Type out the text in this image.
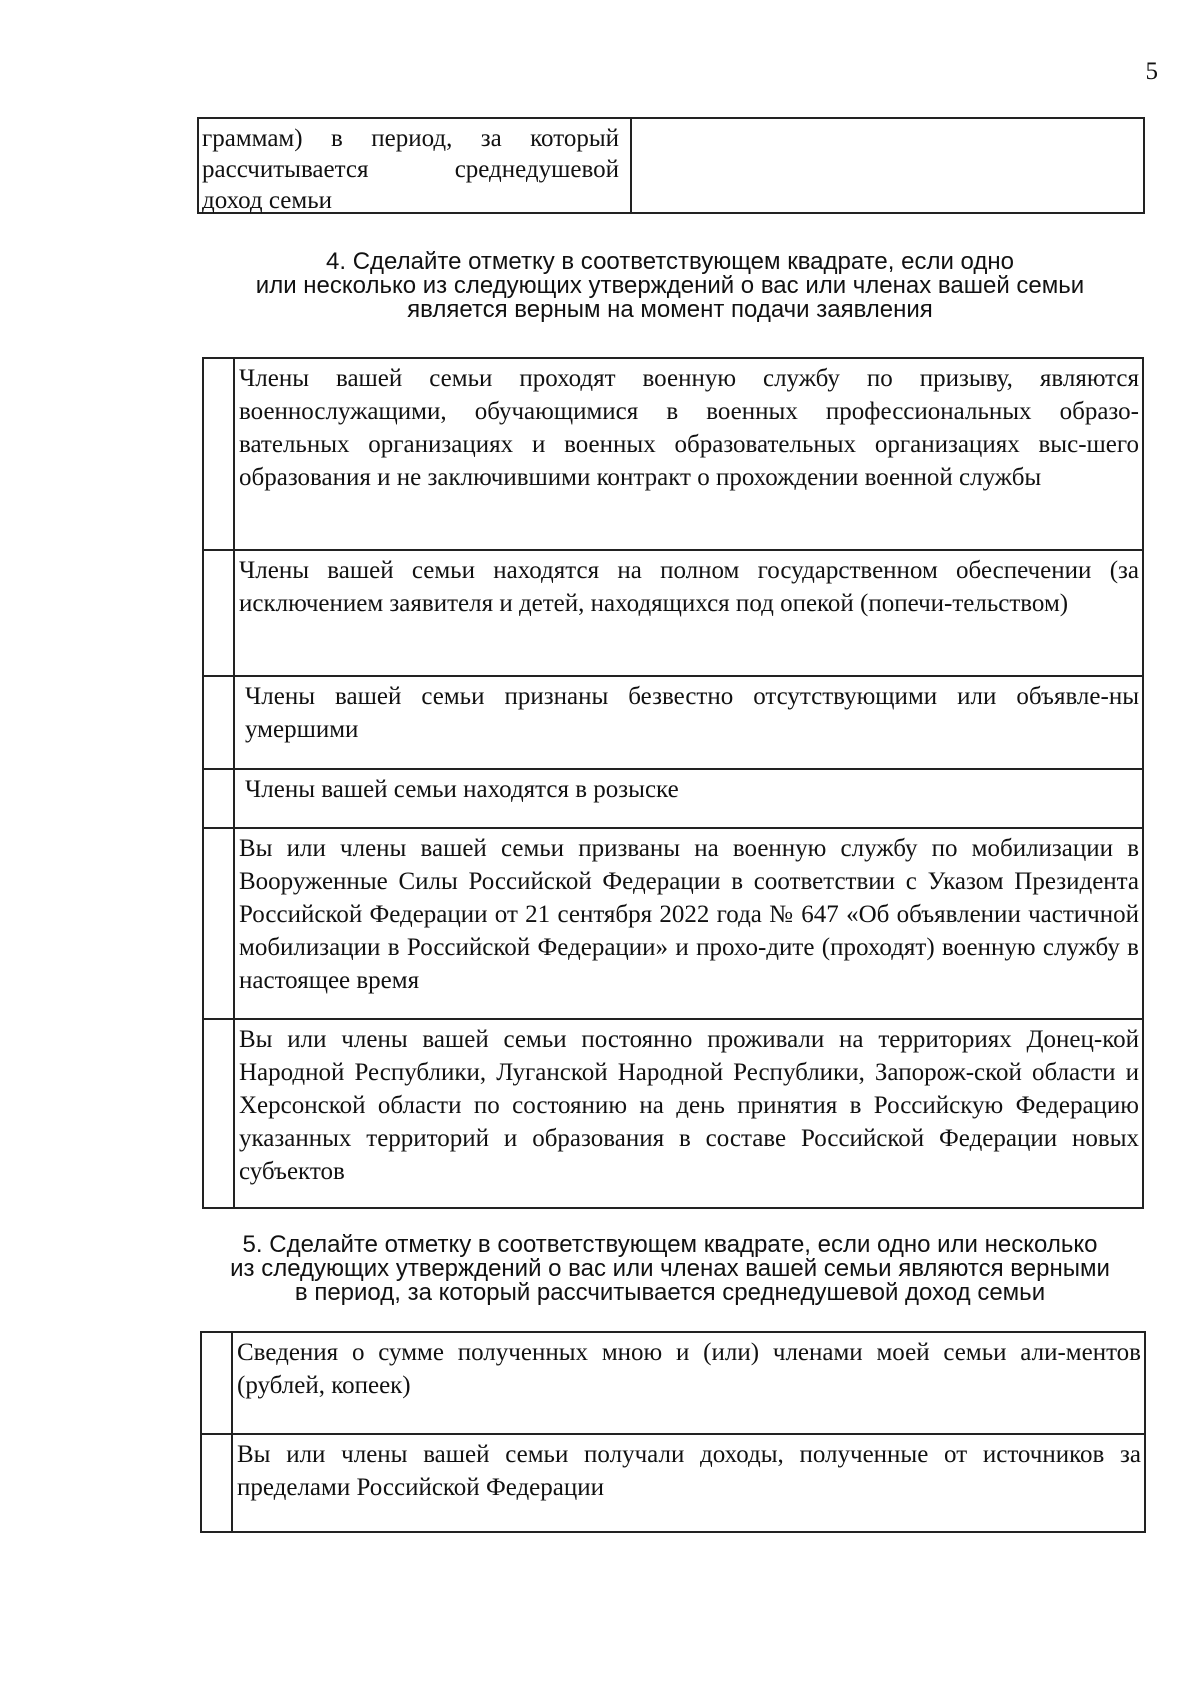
5
граммам) в период, за который
рассчитывается среднедушевой
доход семьи
4. Сделайте отметку в соответствующем квадрате, если одно
или несколько из следующих утверждений о вас или членах вашей семьи
является верным на момент подачи заявления
Члены вашей семьи проходят военную службу по призыву, являются военнослужащими, обучающимися в военных профессиональных образо-вательных организациях и военных образовательных организациях выс-шего образования и не заключившими контракт о прохождении военной службы
Члены вашей семьи находятся на полном государственном обеспечении (за исключением заявителя и детей, находящихся под опекой (попечи-тельством)
Члены вашей семьи признаны безвестно отсутствующими или объявле-ны умершими
Члены вашей семьи находятся в розыске
Вы или члены вашей семьи призваны на военную службу по мобилизации в Вооруженные Силы Российской Федерации в соответствии с Указом Президента Российской Федерации от 21 сентября 2022 года № 647 «Об объявлении частичной мобилизации в Российской Федерации» и прохо-дите (проходят) военную службу в настоящее время
Вы или члены вашей семьи постоянно проживали на территориях Донец-кой Народной Республики, Луганской Народной Республики, Запорож-ской области и Херсонской области по состоянию на день принятия в Российскую Федерацию указанных территорий и образования в составе Российской Федерации новых субъектов
5. Сделайте отметку в соответствующем квадрате, если одно или несколько
из следующих утверждений о вас или членах вашей семьи являются верными
в период, за который рассчитывается среднедушевой доход семьи
Сведения о сумме полученных мною и (или) членами моей семьи али-ментов (рублей, копеек)
Вы или члены вашей семьи получали доходы, полученные от источников за пределами Российской Федерации
